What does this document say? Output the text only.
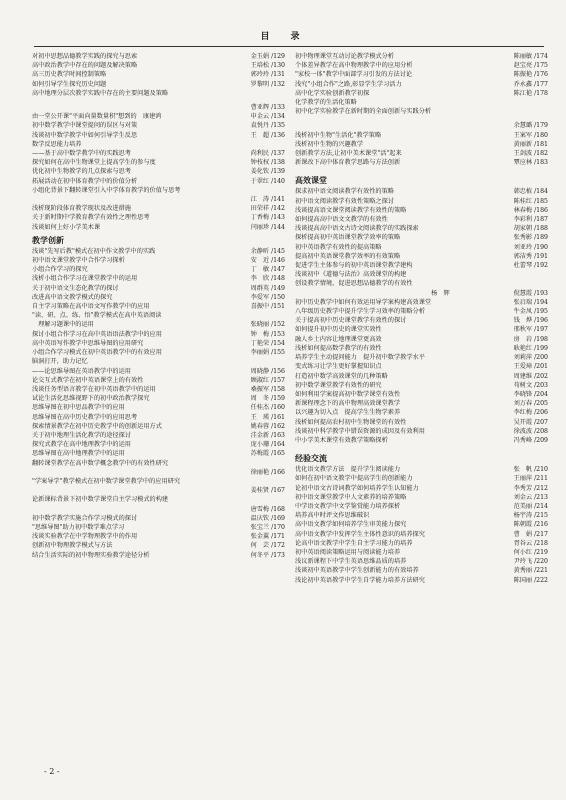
目　录
对初中思想品德教学实践的探究与思索	金玉娟 /129
高中政治教学中存在的问题及解决策略	王培松 /130
高三历史教学时间控制策略	郭玲玲 /131
如何引导学生探究历史问题	罗黎明 /132
高中地理分层次教学实践中存在的主要问题及策略
曹亚辉 /133
由一堂公开课"平面向量数量积"想到的　康建鸿	申金云 /134
初中数学教学中课堂提问的误区与对策	袁悦丹 /135
浅谈初中数学教学中如何引导学生反思	王　超 /136
数学反思能力培养
——基于高中数学教学中的实践思考	尚利民 /137
探究如何在高中生物课堂上提高学生的参与度	钟枝权 /138
优化初中生物教学的几点探索与思考	姜化钦 /139
拓展活动在初中体育教学中的价值分析	于翠红 /140
小组化背景下翻转课堂引入中学体育教学的价值与思考
江　涛 /141
浅析现阶段体育教学现状及改进措施	田荣祥 /142
关于新时期中学教育教学有效性之理性思考	丁香梅 /143
浅谈如何上好小学美术课	闫丽珍 /144
教学创新
浅谈"先写后教"模式在初中作文教学中的实践	余静昕 /145
初中语文课堂教学中合作学习探析	安　近 /146
小组合作学习的探究	丁　敏 /147
浅析小组合作学习在课堂教学中的运用	李　欣 /148
关于初中语文生态化教学的探讨	周群英 /149
改进高中语文教学模式的探究	李爱军 /150
自主学习策略在高中语文写作教学中的应用	喜振中 /151
"读、研、点、练、悟"教学模式在高中英语阅读
　理解习题课中的运用	张晓丽 /152
探讨小组合作学习在高中英语语法教学中的应用	钟　梅 /153
高中英语写作教学中思维导图的应用研究	丁艳荣 /154
小组合作学习模式在初中英语教学中的有效应用	李丽娟 /155
脑洞打开，助力记忆
——论思维导图在英语教学中的运用	周晓静 /156
论交互式教学在初中英语课堂上的有效性	顾淑红 /157
浅谈任务型语言教学在初中英语教学中的运用	桑振军 /158
试论生活化思维视野下的初中政治教学探究	周　冬 /159
思维导图在初中思品教学中的应用	任桂杰 /160
思维导图在高中历史教学中的应用思考	王　瑛 /161
探索情景教学在初中历史教学中的创新运用方式	姚春蓉 /162
关于初中地理生活化教学的途径探讨	洼金新 /163
探究式教学在高中地理教学中的运用	庞小珊 /164
思维导图在高中地理教学中的运用	苏梅霞 /165
翻转课堂教学在高中数学概念教学中的有效性研究
徐丽艳 /166
"学案导学"教学模式在初中数学课堂教学中的应用研究
姜桂贤 /167
论新课标背景下初中数学课堂自主学习模式的构建
唐雪梅 /168
初中数学教学实施合作学习模式的探讨	温庆钦 /169
"思维导图"助力初中数学难点学习	张宝兰 /170
浅谈实验教学在中学物理教学中的作用	张金翼 /171
创新初中物理教学模式与方法	何　芸 /172
结合生活实际的初中物理实验教学途径分析	何冬平 /173
初中物理课堂互动讨论教学模式分析	陈丽敏 /174
个体差异教学在高中物理教学中的应用分析	赵宝亮 /175
"家校一体"教学中面部学习引发的方法讨论	陈振艳 /176
浅究"小组合作"之路,彰显学生学习活力	乔永鑫 /177
高中化学实验创新教学初探	陈江艳 /178
化学教学的生活化策略
初中化学实验教学在新时期的全面创新与实践分析
余慧璐 /179
浅析初中生物"生活化"教学策略	王案军 /180
浅析初中生物的兴趣教学	黄丽新 /181
创新教学方法,让初中美术课堂"活"起来	王剑波 /182
新课改下高中体育教学思路与方法创新	覃应林 /183
高效课堂
探求初中语文阅读教学有效性的策略	韩忠植 /184
初中语文阅读教学有效性策略之探讨	陈桂红 /185
浅谈提高语文课堂阅读教学有效性的策略	林春梅 /186
如何提高高中语文文教学的有效性	李彩利 /187
浅谈提高高中语文古诗文阅读教学的实践探索	胡家朝 /188
探析提高初中英语课堂教学效率的策略	张秀影 /189
初中英语教学有效性的提高策略	刘亚玲 /190
提高初中英语课堂教学效率的有效策略	郭洁秀 /191
促进学生主体参与的初中英语课堂教学建构	杜蕾琴 /192
浅谈初中《道德与法治》高效课堂的构建
创设教学情境，促进思想品德教学的有效性
　　　　　　　　　　　　　　　　　　　　　　杨　辉	倪慧霞 /193
初中历史教学中如何有效运用导学案构建高效课堂	张启瑞 /194
八年级历史教学中提升学生学习效率的策略分析	牛金凤 /195
关于提高初中历史课堂教学有效性的探讨	钱　烨 /196
如何提升初中历史的课堂实效性	邢秋军 /197
融人乡土内容让地理课堂更高效	房　岩 /198
浅析如何提高数学教学的有效性	耿艳红 /199
培养学生主动提问能力　提升初中数学教学水平	刘莉萍 /200
变式练习让学生更好掌握知识点	王爱璋 /201
打造初中数学高效课堂的几种策略	周建维 /202
初中数学课堂教学有效性的研究	苟树文 /203
如何利用学案提高初中数学课堂有效性	李晓锋 /204
新课程理念下的高中物理高效课堂教学	刘万春 /205
以兴趣为切入点　提高学生生物学素养	李红梅 /206
浅析如何提高农村初中生物课堂的有效性	吴开霞 /207
浅谈初中科学教学中错误资源的成因及有效利用	徐波波 /208
中小学美术课堂有效教学策略探析	冯秀峰 /209
经验交流
优化语文教学方法　提升学生阅读能力	张　帆 /210
如何在初中语文教学中提高学生的创新能力	王丽萍 /211
论初中语文古诗词教学如何培养学生认知能力	李秀芳 /212
初中语文课堂教学中人文素养的培养策略	刘金云 /213
中学语文教学中文学鉴赏能力培养探析	范美丽 /214
培养高中时评文作思维破识	杨宇涛 /215
高中语文教学如何培养学生审美能力探究	陈朝霞 /216
高中语文教学中发挥学生主体性意识的培养探究	曹　娟 /217
论高中语文教学中学生自主学习能力的培养	胥谷云 /218
初中英语阅读策略运用与阅读能力培养	何小红 /219
浅议新课程下中学生英语思维品质的培养	尹玲飞 /220
浅谈初中英语教学中学生创新能力的有效培养	黄秀丽 /221
浅论初中英语教学中学生自学能力培养方法研究	陈国丽 /222
- 2 -
